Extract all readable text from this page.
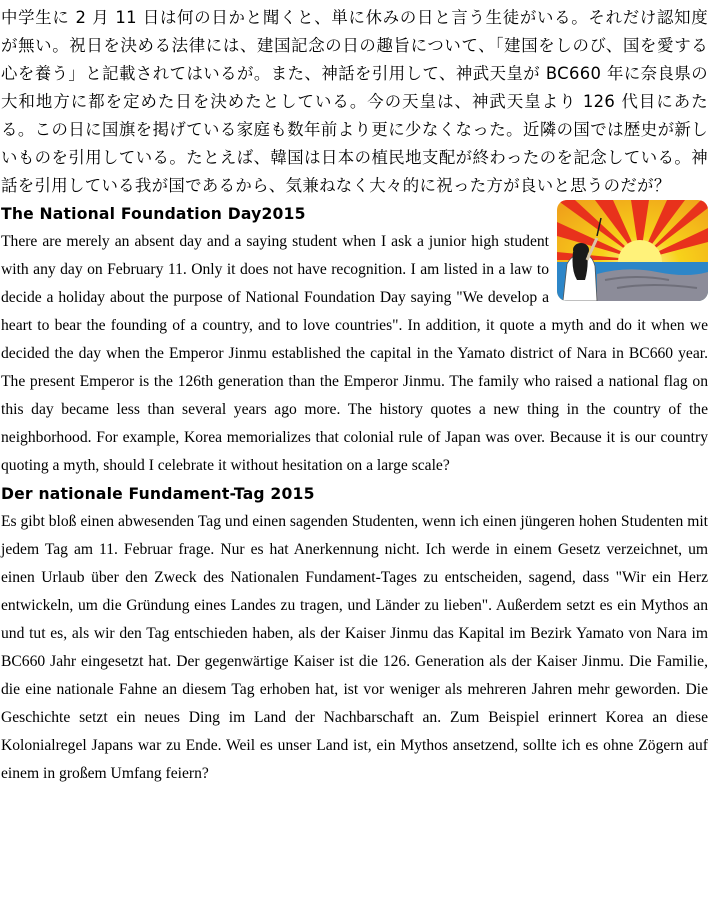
中学生に 2 月 11 日は何の日かと聞くと、単に休みの日と言う生徒がいる。それだけ認知度が無い。祝日を決める法律には、建国記念の日の趣旨について、「建国をしのび、国を愛する心を養う」と記載されてはいるが。また、神話を引用して、神武天皇が BC660 年に奈良県の大和地方に都を定めた日を決めたとしている。今の天皇は、神武天皇より 126 代目にあたる。この日に国旗を掲げている家庭も数年前より更に少なくなった。近隣の国では歴史が新しいものを引用している。たとえば、韓国は日本の植民地支配が終わったのを記念している。神話を引用している我が国であるから、気兼ねなく大々的に祝った方が良いと思うのだが？

The National Foundation Day2015

There are merely an absent day and a saying student when I ask a junior high student with any day on February 11. Only it does not have recognition. I am listed in a law to decide a holiday about the purpose of National Foundation Day saying "We develop a heart to bear the founding of a country, and to love countries". In addition, it quote a myth and do it when we decided the day when the Emperor Jinmu established the capital in the Yamato district of Nara in BC660 year. The present Emperor is the 126th generation than the Emperor Jinmu. The family who raised a national flag on this day became less than several years ago more. The history quotes a new thing in the country of the neighborhood. For example, Korea memorializes that colonial rule of Japan was over. Because it is our country quoting a myth, should I celebrate it without hesitation on a large scale?

Der nationale Fundament-Tag 2015

Es gibt bloß einen abwesenden Tag und einen sagenden Studenten, wenn ich einen jüngeren hohen Studenten mit jedem Tag am 11. Februar frage. Nur es hat Anerkennung nicht. Ich werde in einem Gesetz verzeichnet, um einen Urlaub über den Zweck des Nationalen Fundament-Tages zu entscheiden, sagend, dass "Wir ein Herz entwickeln, um die Gründung eines Landes zu tragen, und Länder zu lieben". Außerdem setzt es ein Mythos an und tut es, als wir den Tag entschieden haben, als der Kaiser Jinmu das Kapital im Bezirk Yamato von Nara im BC660 Jahr eingesetzt hat. Der gegenwärtige Kaiser ist die 126. Generation als der Kaiser Jinmu. Die Familie, die eine nationale Fahne an diesem Tag erhoben hat, ist vor weniger als mehreren Jahren mehr geworden. Die Geschichte setzt ein neues Ding im Land der Nachbarschaft an. Zum Beispiel erinnert Korea an diese Kolonialregel Japans war zu Ende. Weil es unser Land ist, ein Mythos ansetzend, sollte ich es ohne Zögern auf einem in großem Umfang feiern?
